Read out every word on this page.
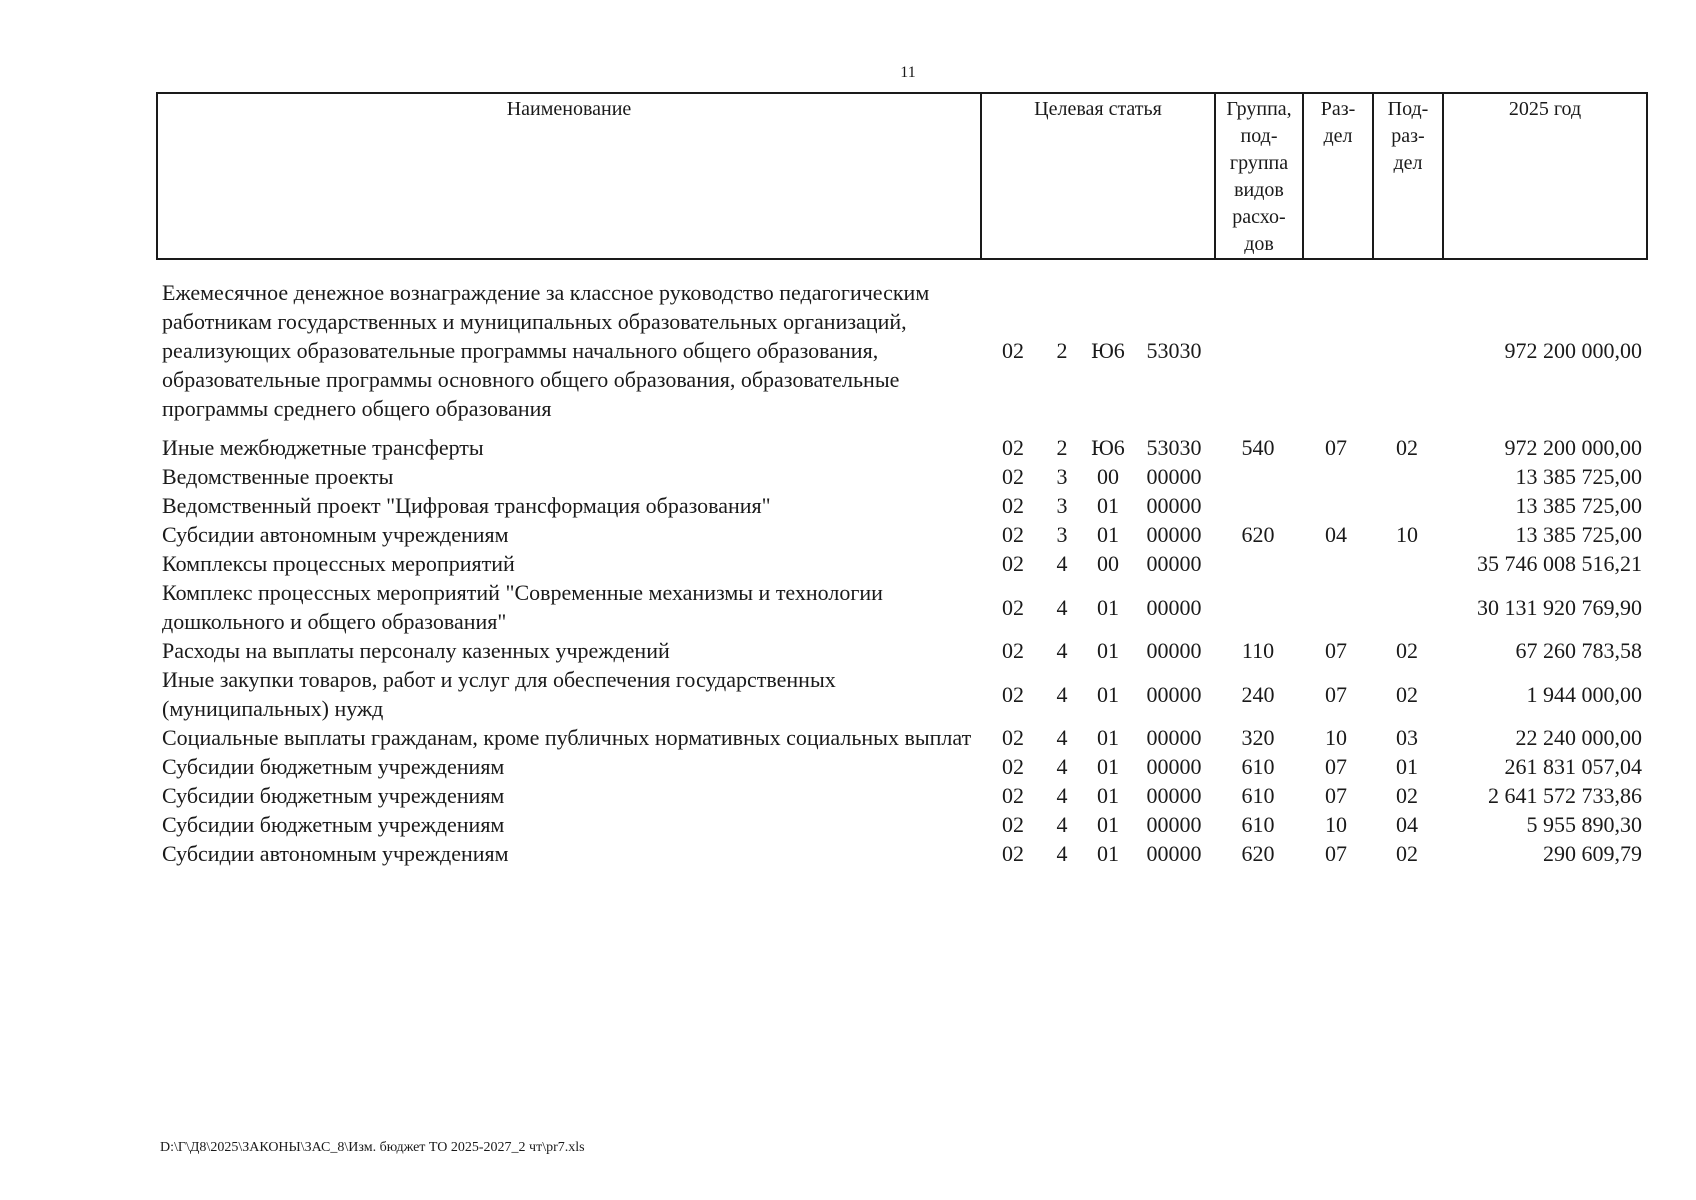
11
Наименование	Целевая статья	Группа,
под-
группа
видов
расхо-
дов	Раз-
дел	Под-
раз-
дел	2025 год
Ежемесячное денежное вознаграждение за классное руководство педагогическим работникам государственных и муниципальных образовательных организаций, реализующих образовательные программы начального общего образования, образовательные программы основного общего образования, образовательные программы среднего общего образования	02	2	Ю6	53030				972 200 000,00
Иные межбюджетные трансферты	02	2	Ю6	53030	540	07	02	972 200 000,00
Ведомственные проекты	02	3	00	00000				13 385 725,00
Ведомственный проект "Цифровая трансформация образования"	02	3	01	00000				13 385 725,00
Субсидии автономным учреждениям	02	3	01	00000	620	04	10	13 385 725,00
Комплексы процессных мероприятий	02	4	00	00000				35 746 008 516,21
Комплекс процессных мероприятий "Современные механизмы и технологии дошкольного и общего образования"	02	4	01	00000				30 131 920 769,90
Расходы на выплаты персоналу казенных учреждений	02	4	01	00000	110	07	02	67 260 783,58
Иные закупки товаров, работ и услуг для обеспечения государственных (муниципальных) нужд	02	4	01	00000	240	07	02	1 944 000,00
Социальные выплаты гражданам, кроме публичных нормативных социальных выплат	02	4	01	00000	320	10	03	22 240 000,00
Субсидии бюджетным учреждениям	02	4	01	00000	610	07	01	261 831 057,04
Субсидии бюджетным учреждениям	02	4	01	00000	610	07	02	2 641 572 733,86
Субсидии бюджетным учреждениям	02	4	01	00000	610	10	04	5 955 890,30
Субсидии автономным учреждениям	02	4	01	00000	620	07	02	290 609,79
D:\Г\Д8\2025\ЗАКОНЫ\ЗАС_8\Изм. бюджет ТО 2025-2027_2 чт\pr7.xls
